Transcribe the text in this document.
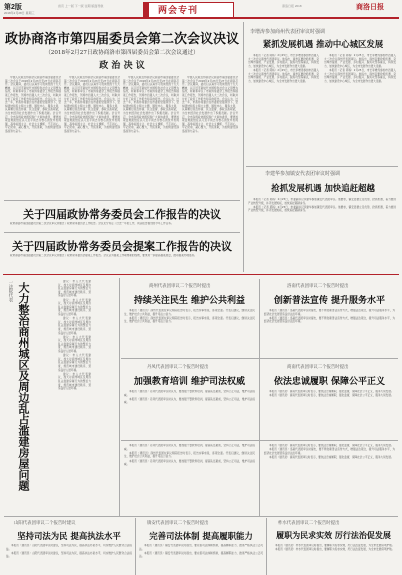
第2版
2018年2月28日 星期三
首页 上一版 下一版 往期 版面导航	两会专刊	商洛日报 2018	商洛日报
政协商洛市第四届委员会第二次会议决议
（2018年2月27日政协商洛市第四届委员会第二次会议通过）
政 治 决 议

中国人民政治协商会议商洛市第四届委员会第二次会议于2018年2月23日至27日在商洛召开。会议期间，委员们认真学习贯彻党的十九大精神，以习近平新时代中国特色社会主义思想为指导，听取和审议了市政协常委会工作报告和提案工作报告，列席市四届人大二次会议，听取并讨论了政府工作报告和其他报告。会议认为，过去一年，市政协常委会在市委的坚强领导下，坚持团结和民主两大主题，围绕中心、服务大局，认真履行政治协商、民主监督、参政议政职能，为全市经济社会发展作出了积极贡献。会议号召，全市各级政协组织和广大政协委员，要更加紧密地团结在以习近平同志为核心的党中央周围，高举爱国主义、社会主义旗帜，不忘初心，牢记使命，凝心聚力，开拓进取，为加快建设商洛而努力奋斗。

中国人民政治协商会议商洛市第四届委员会第二次会议于2018年2月23日至27日在商洛召开。会议期间，委员们认真学习贯彻党的十九大精神，以习近平新时代中国特色社会主义思想为指导，听取和审议了市政协常委会工作报告和提案工作报告，列席市四届人大二次会议，听取并讨论了政府工作报告和其他报告。会议认为，过去一年，市政协常委会在市委的坚强领导下，坚持团结和民主两大主题，围绕中心、服务大局，认真履行政治协商、民主监督、参政议政职能，为全市经济社会发展作出了积极贡献。会议号召，全市各级政协组织和广大政协委员，要更加紧密地团结在以习近平同志为核心的党中央周围，高举爱国主义、社会主义旗帜，不忘初心，牢记使命，凝心聚力，开拓进取，为加快建设商洛而努力奋斗。

中国人民政治协商会议商洛市第四届委员会第二次会议于2018年2月23日至27日在商洛召开。会议期间，委员们认真学习贯彻党的十九大精神，以习近平新时代中国特色社会主义思想为指导，听取和审议了市政协常委会工作报告和提案工作报告，列席市四届人大二次会议，听取并讨论了政府工作报告和其他报告。会议认为，过去一年，市政协常委会在市委的坚强领导下，坚持团结和民主两大主题，围绕中心、服务大局，认真履行政治协商、民主监督、参政议政职能，为全市经济社会发展作出了积极贡献。会议号召，全市各级政协组织和广大政协委员，要更加紧密地团结在以习近平同志为核心的党中央周围，高举爱国主义、社会主义旗帜，不忘初心，牢记使命，凝心聚力，开拓进取，为加快建设商洛而努力奋斗。

中国人民政治协商会议商洛市第四届委员会第二次会议于2018年2月23日至27日在商洛召开。会议期间，委员们认真学习贯彻党的十九大精神，以习近平新时代中国特色社会主义思想为指导，听取和审议了市政协常委会工作报告和提案工作报告，列席市四届人大二次会议，听取并讨论了政府工作报告和其他报告。会议认为，过去一年，市政协常委会在市委的坚强领导下，坚持团结和民主两大主题，围绕中心、服务大局，认真履行政治协商、民主监督、参政议政职能，为全市经济社会发展作出了积极贡献。会议号召，全市各级政协组织和广大政协委员，要更加紧密地团结在以习近平同志为核心的党中央周围，高举爱国主义、社会主义旗帜，不忘初心，牢记使命，凝心聚力，开拓进取，为加快建设商洛而努力奋斗。

关于四届政协常务委员会工作报告的决议

政协商洛市第四届委员会第二次会议审议并通过了政协常务委员会工作报告。会议充分肯定了过去一年的工作，同意报告提出的今年工作任务。

关于四届政协常务委员会提案工作报告的决议

政协商洛市第四届委员会第二次会议审议并通过了政协常务委员会提案工作报告。会议认为提案工作取得新的成效，要求进一步提高提案质量，推动提案办理落实。

李增涛参加商州代表团审议时强调
紧抓发展机遇 推动中心城区发展

本报讯（记者 郭杨）2月25日，市长李增涛参加市四届人大二次会议商州代表团审议。他指出，商州区要抢抓机遇，突出城市提质、产业发展、乡村振兴、脱贫攻坚等重点，持续发力，加快建设中心城区，为全市发展作出更大贡献。

本报讯（记者 郭杨）2月25日，市长李增涛参加市四届人大二次会议商州代表团审议。他指出，商州区要抢抓机遇，突出城市提质、产业发展、乡村振兴、脱贫攻坚等重点，持续发力，加快建设中心城区，为全市发展作出更大贡献。

本报讯（记者 郭杨）2月25日，市长李增涛参加市四届人大二次会议商州代表团审议。他指出，商州区要抢抓机遇，突出城市提质、产业发展、乡村振兴、脱贫攻坚等重点，持续发力，加快建设中心城区，为全市发展作出更大贡献。

本报讯（记者 郭杨）2月25日，市长李增涛参加市四届人大二次会议商州代表团审议。他指出，商州区要抢抓机遇，突出城市提质、产业发展、乡村振兴、脱贫攻坚等重点，持续发力，加快建设中心城区，为全市发展作出更大贡献。

李建华参加镇安代表团审议时强调
抢抓发展机遇 加快追赶超越

本报讯（记者 郭杨）2月25日，市委副书记李建华参加镇安代表团审议。他要求，镇安县要立足优势，抢抓机遇，着力推进产业转型升级，补齐发展短板，加快追赶超越步伐。

本报讯（记者 郭杨）2月25日，市委副书记李建华参加镇安代表团审议。他要求，镇安县要立足优势，抢抓机遇，着力推进产业转型升级，补齐发展短板，加快追赶超越步伐。

一法院代表 大力整治商州城区及周边乱占滥建房屋问题

建议：市人大代表建议，加大对商州城区及周边乱占滥建房屋行为的整治力度，规范城市建设秩序，营造良好人居环境。

建议：市人大代表建议，加大对商州城区及周边乱占滥建房屋行为的整治力度，规范城市建设秩序，营造良好人居环境。

建议：市人大代表建议，加大对商州城区及周边乱占滥建房屋行为的整治力度，规范城市建设秩序，营造良好人居环境。

建议：市人大代表建议，加大对商州城区及周边乱占滥建房屋行为的整治力度，规范城市建设秩序，营造良好人居环境。

建议：市人大代表建议，加大对商州城区及周边乱占滥建房屋行为的整治力度，规范城市建设秩序，营造良好人居环境。

建议：市人大代表建议，加大对商州城区及周边乱占滥建房屋行为的整治力度，规范城市建设秩序，营造良好人居环境。

商州代表团审议二个报告时提出
持续关注民生 维护公共利益

本报讯（通讯员）商州代表团在审议两院报告时表示，报告实事求是，客观全面。代表们建议，继续关注民生，维护社会公共利益，提升司法公信力。

本报讯（通讯员）商州代表团在审议两院报告时表示，报告实事求是，客观全面。代表们建议，继续关注民生，维护社会公共利益，提升司法公信力。

洛南代表团审议二个报告时提出
创新普法宣传 提升服务水平

本报讯（通讯员）洛南代表团审议时提出，要不断创新普法宣传方式，增强法治观念，提升司法服务水平，为经济社会发展营造良好法治环境。

本报讯（通讯员）洛南代表团审议时提出，要不断创新普法宣传方式，增强法治观念，提升司法服务水平，为经济社会发展营造良好法治环境。

丹凤代表团审议二个报告时提出
加强教育培训 维护司法权威

本报讯（通讯员）丹凤代表团审议时认为，要加强干警教育培训，提高队伍素质，坚持公正司法，维护司法权威。

本报讯（通讯员）丹凤代表团审议时认为，要加强干警教育培训，提高队伍素质，坚持公正司法，维护司法权威。

商南代表团审议二个报告时提出
依法忠诚履职 保障公平正义

本报讯（通讯员）商南代表团审议时表示，要依法忠诚履职，强化监督，保障社会公平正义，服务大局发展。

本报讯（通讯员）商南代表团审议时表示，要依法忠诚履职，强化监督，保障社会公平正义，服务大局发展。

山阳代表团审议二个报告时建议
坚持司法为民 提高执法水平

本报讯（通讯员）山阳代表团审议时建议，坚持司法为民，提高执法办案水平，切实维护人民群众合法权益。

本报讯（通讯员）山阳代表团审议时建议，坚持司法为民，提高执法办案水平，切实维护人民群众合法权益。

镇安代表团审议二个报告时提出
完善司法体制 提高履职能力

本报讯（通讯员）镇安代表团审议时提出，要完善司法体制机制，提高履职能力，推进严格执法公正司法。

本报讯（通讯员）镇安代表团审议时提出，要完善司法体制机制，提高履职能力，推进严格执法公正司法。

柞水代表团审议二个报告时提出
履职为民求实效 厉行法治促发展

本报讯（通讯员）柞水代表团审议时提出，要履职为民求实效，厉行法治促发展，为全市发展保驾护航。

本报讯（通讯员）柞水代表团审议时提出，要履职为民求实效，厉行法治促发展，为全市发展保驾护航。

本报讯（通讯员）丹凤代表团审议时认为，要加强干警教育培训，提高队伍素质，坚持公正司法，维护司法权威。

本报讯（通讯员）商州代表团在审议两院报告时表示，报告实事求是，客观全面。代表们建议，继续关注民生，维护社会公共利益，提升司法公信力。

本报讯（通讯员）丹凤代表团审议时认为，要加强干警教育培训，提高队伍素质，坚持公正司法，维护司法权威。

本报讯（通讯员）商南代表团审议时表示，要依法忠诚履职，强化监督，保障社会公平正义，服务大局发展。

本报讯（通讯员）洛南代表团审议时提出，要不断创新普法宣传方式，增强法治观念，提升司法服务水平，为经济社会发展营造良好法治环境。

本报讯（通讯员）商南代表团审议时表示，要依法忠诚履职，强化监督，保障社会公平正义，服务大局发展。
